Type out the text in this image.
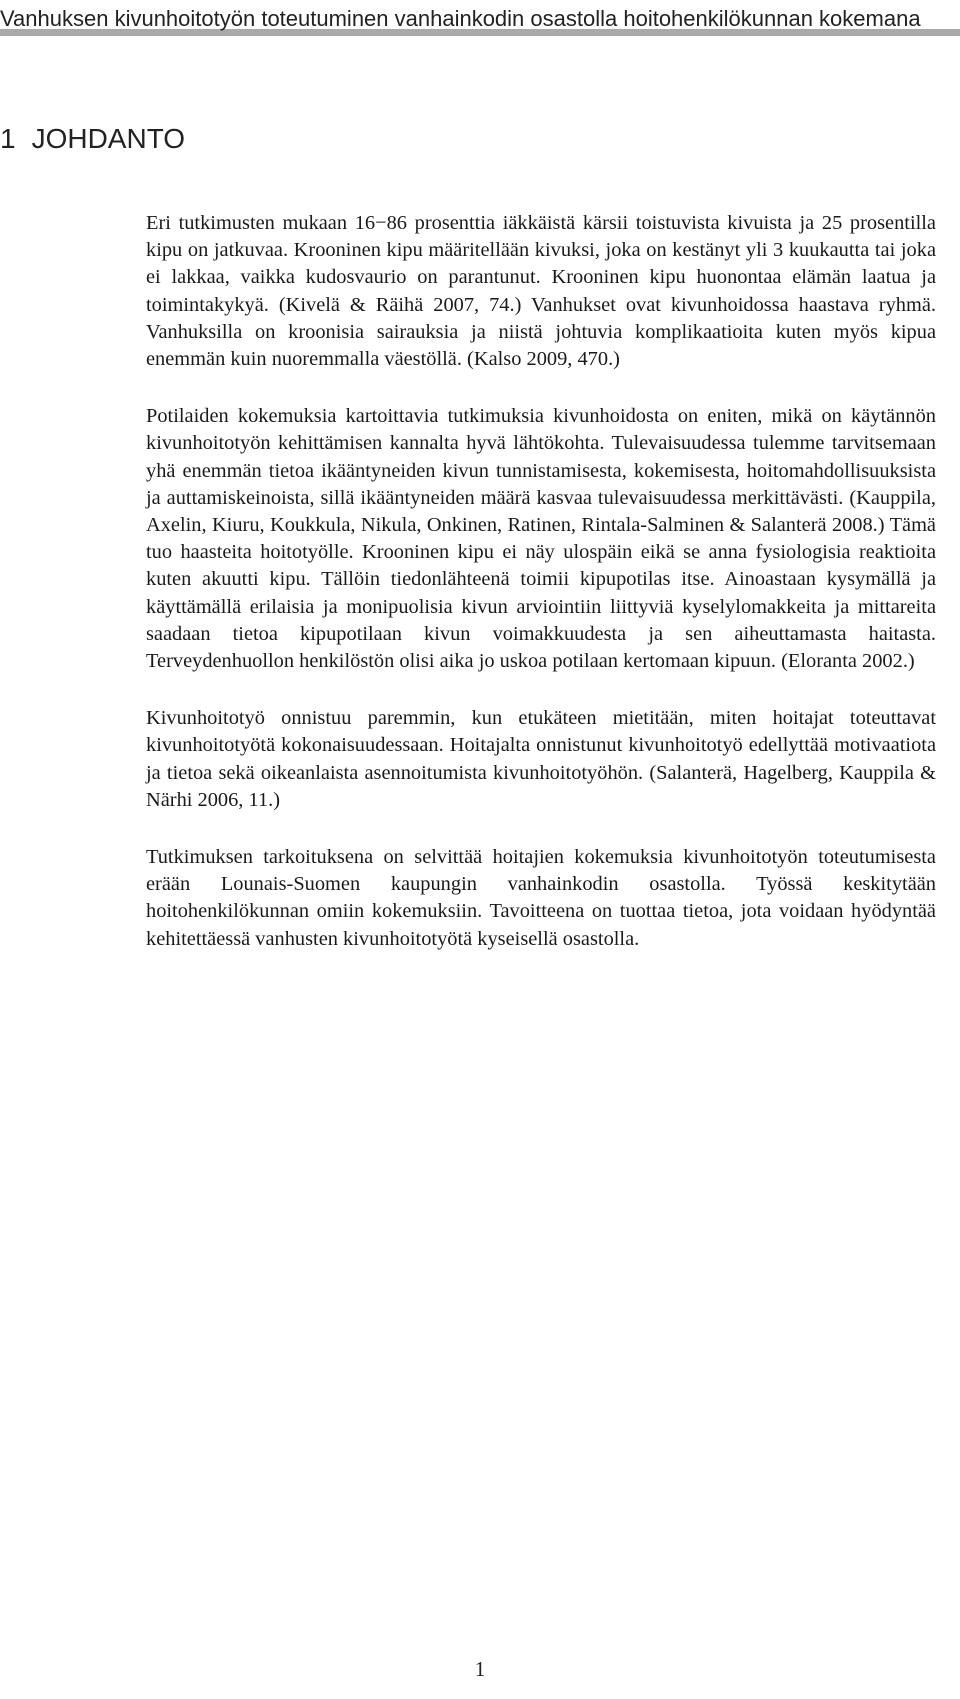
Vanhuksen kivunhoitotyön toteutuminen vanhainkodin osastolla hoitohenkilökunnan kokemana
1 JOHDANTO

Eri tutkimusten mukaan 16−86 prosenttia iäkkäistä kärsii toistuvista kivuista ja 25 prosentilla kipu on jatkuvaa. Krooninen kipu määritellään kivuksi, joka on kestänyt yli 3 kuukautta tai joka ei lakkaa, vaikka kudosvaurio on parantunut. Krooninen kipu huonontaa elämän laatua ja toimintakykyä. (Kivelä & Räihä 2007, 74.) Vanhukset ovat kivunhoidossa haastava ryhmä. Vanhuksilla on kroonisia sairauksia ja niistä johtuvia komplikaatioita kuten myös kipua enemmän kuin nuoremmalla väestöllä. (Kalso 2009, 470.)

Potilaiden kokemuksia kartoittavia tutkimuksia kivunhoidosta on eniten, mikä on käytännön kivunhoitotyön kehittämisen kannalta hyvä lähtökohta. Tulevaisuudessa tulemme tarvitsemaan yhä enemmän tietoa ikääntyneiden kivun tunnistamisesta, kokemisesta, hoitomahdollisuuksista ja auttamiskeinoista, sillä ikääntyneiden määrä kasvaa tulevaisuudessa merkittävästi. (Kauppila, Axelin, Kiuru, Koukkula, Nikula, Onkinen, Ratinen, Rintala-Salminen & Salanterä 2008.) Tämä tuo haasteita hoitotyölle. Krooninen kipu ei näy ulospäin eikä se anna fysiologisia reaktioita kuten akuutti kipu. Tällöin tiedonlähteenä toimii kipupotilas itse. Ainoastaan kysymällä ja käyttämällä erilaisia ja monipuolisia kivun arviointiin liittyviä kyselylomakkeita ja mittareita saadaan tietoa kipupotilaan kivun voimakkuudesta ja sen aiheuttamasta haitasta. Terveydenhuollon henkilöstön olisi aika jo uskoa potilaan kertomaan kipuun. (Eloranta 2002.)

Kivunhoitotyö onnistuu paremmin, kun etukäteen mietitään, miten hoitajat toteuttavat kivunhoitotyötä kokonaisuudessaan. Hoitajalta onnistunut kivunhoitotyö edellyttää motivaatiota ja tietoa sekä oikeanlaista asennoitumista kivunhoitotyöhön. (Salanterä, Hagelberg, Kauppila & Närhi 2006, 11.)

Tutkimuksen tarkoituksena on selvittää hoitajien kokemuksia kivunhoitotyön toteutumisesta erään Lounais-Suomen kaupungin vanhainkodin osastolla. Työssä keskitytään hoitohenkilökunnan omiin kokemuksiin. Tavoitteena on tuottaa tietoa, jota voidaan hyödyntää kehitettäessä vanhusten kivunhoitotyötä kyseisellä osastolla.

1
